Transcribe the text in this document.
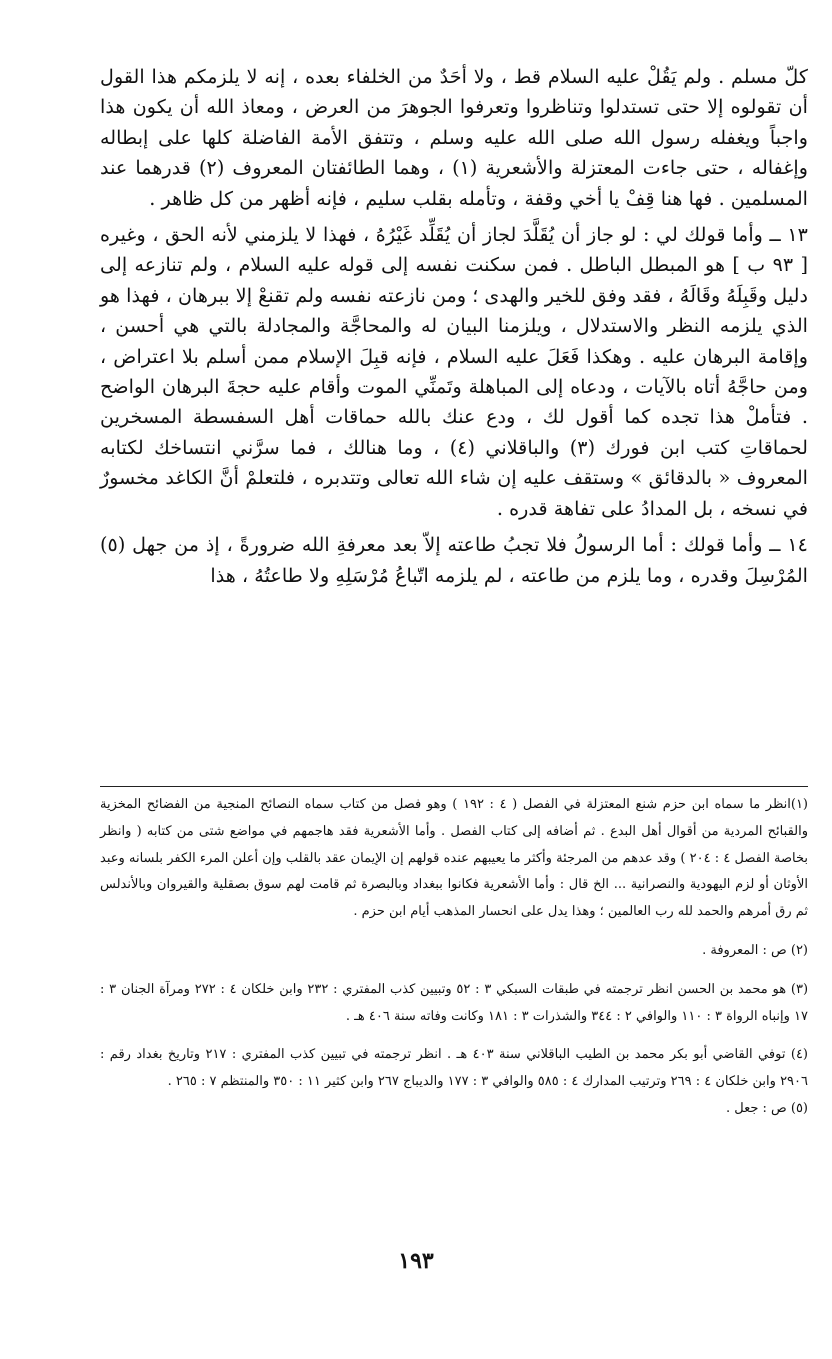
كلّ مسلم . ولم يَقُلْ عليه السلام قط ، ولا أحَدٌ من الخلفاء بعده ، إنه لا يلزمكم هذا القول أن تقولوه إلا حتى تستدلوا وتناظروا وتعرفوا الجوهرَ من العرض ، ومعاذ الله أن يكون هذا واجباً ويغفله رسول الله صلى الله عليه وسلم ، وتتفق الأمة الفاضلة كلها على إبطاله وإغفاله ، حتى جاءت المعتزلة والأشعرية (١) ، وهما الطائفتان المعروف (٢) قدرهما عند المسلمين . فها هنا قِفْ يا أخي وقفة ، وتأمله بقلب سليم ، فإنه أظهر من كل ظاهر .

١٣ ــ وأما قولك لي : لو جاز أن يُقَلَّدَ لجاز أن يُقَلِّد غَيْرُهُ ، فهذا لا يلزمني لأنه الحق ، وغيره [ ٩٣ ب ] هو المبطل الباطل . فمن سكنت نفسه إلى قوله عليه السلام ، ولم تنازعه إلى دليل وقَبِلَهُ وقَالَهُ ، فقد وفق للخير والهدى ؛ ومن نازعته نفسه ولم تقنعْ إلا ببرهان ، فهذا هو الذي يلزمه النظر والاستدلال ، ويلزمنا البيان له والمحاجَّة والمجادلة بالتي هي أحسن ، وإقامة البرهان عليه . وهكذا فَعَلَ عليه السلام ، فإنه قبِلَ الإسلام ممن أسلم بلا اعتراض ، ومن حاجَّهُ أتاه بالآيات ، ودعاه إلى المباهلة وتَمنِّي الموت وأقام عليه حجةَ البرهان الواضح . فتأملْ هذا تجده كما أقول لك ، ودع عنك بالله حماقات أهل السفسطة المسخرين لحماقاتِ كتب ابن فورك (٣) والباقلاني (٤) ، وما هنالك ، فما سرَّني انتساخك لكتابه المعروف « بالدقائق » وستقف عليه إن شاء الله تعالى وتتدبره ، فلتعلمْ أنَّ الكاغد مخسورٌ في نسخه ، بل المدادُ على تفاهة قدره .

١٤ ــ وأما قولك : أما الرسولُ فلا تجبُ طاعته إلاّ بعد معرفةِ الله ضرورةً ، إذ من جهل (٥) المُرْسِلَ وقدره ، وما يلزم من طاعته ، لم يلزمه اتّباعُ مُرْسَلِهِ ولا طاعتُهُ ، هذا

(١)انظر ما سماه ابن حزم شنع المعتزلة في الفصل ( ٤ : ١٩٢ ) وهو فصل من كتاب سماه النصائح المنجية من الفضائح المخزية والقبائح المردية من أقوال أهل البدع . ثم أضافه إلى كتاب الفصل . وأما الأشعرية فقد هاجمهم في مواضع شتى من كتابه ( وانظر بخاصة الفصل ٤ : ٢٠٤ ) وقد عدهم من المرجئة وأكثر ما يعيبهم عنده قولهم إن الإيمان عقد بالقلب وإن أعلن المرء الكفر بلسانه وعبد الأوثان أو لزم اليهودية والنصرانية ... الخ قال : وأما الأشعرية فكانوا ببغداد وبالبصرة ثم قامت لهم سوق بصقلية والقيروان وبالأندلس ثم رق أمرهم والحمد لله رب العالمين ؛ وهذا يدل على انحسار المذهب أيام ابن حزم .

(٢) ص : المعروفة .

(٣) هو محمد بن الحسن انظر ترجمته في طبقات السبكي ٣ : ٥٢ وتبيين كذب المفتري : ٢٣٢ وابن خلكان ٤ : ٢٧٢ ومرآة الجنان ٣ : ١٧ وإنباه الرواة ٣ : ١١٠ والوافي ٢ : ٣٤٤ والشذرات ٣ : ١٨١ وكانت وفاته سنة ٤٠٦ هـ .

(٤) توفي القاضي أبو بكر محمد بن الطيب الباقلاني سنة ٤٠٣ هـ . انظر ترجمته في تبيين كذب المفتري : ٢١٧ وتاريخ بغداد رقم : ٢٩٠٦ وابن خلكان ٤ : ٢٦٩ وترتيب المدارك ٤ : ٥٨٥ والوافي ٣ : ١٧٧ والديباج ٢٦٧ وابن كثير ١١ : ٣٥٠ والمنتظم ٧ : ٢٦٥ .

(٥) ص : جعل .

١٩٣
